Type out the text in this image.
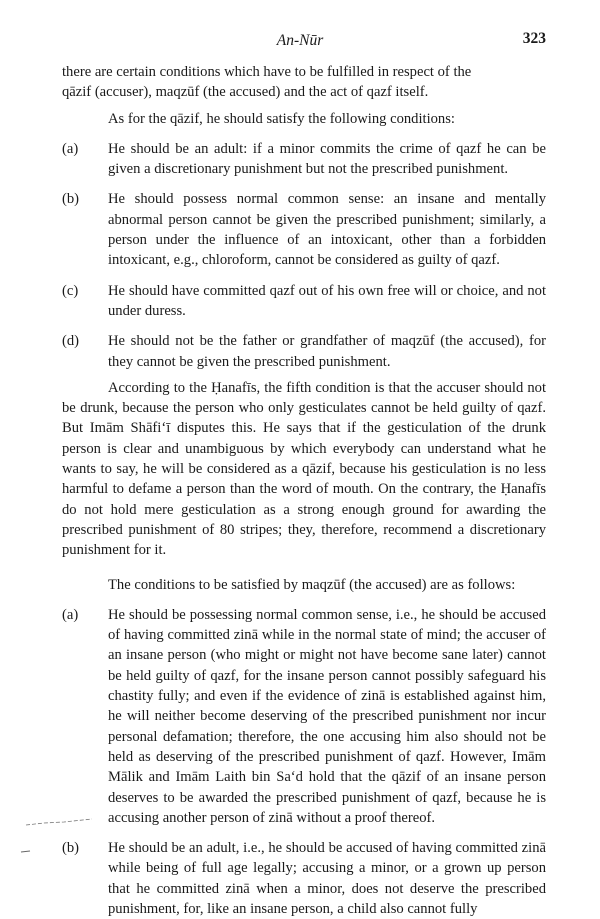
An-Nūr	323

there are certain conditions which have to be fulfilled in respect of the
qāzif (accuser), maqzūf (the accused) and the act of qazf itself.

As for the qāzif, he should satisfy the following conditions:

(a)	He should be an adult: if a minor commits the crime of qazf he can be given a discretionary punishment but not the prescribed punishment.
(b)	He should possess normal common sense: an insane and mentally abnormal person cannot be given the prescribed punishment; similarly, a person under the influence of an intoxicant, other than a forbidden intoxicant, e.g., chloroform, cannot be considered as guilty of qazf.
(c)	He should have committed qazf out of his own free will or choice, and not under duress.
(d)	He should not be the father or grandfather of maqzūf (the accused), for they cannot be given the prescribed punishment.

According to the Ḥanafīs, the fifth condition is that the accuser should not be drunk, because the person who only gesticulates cannot be held guilty of qazf. But Imām Shāfi‘ī disputes this. He says that if the gesticulation of the drunk person is clear and unambiguous by which everybody can understand what he wants to say, he will be considered as a qāzif, because his gesticulation is no less harmful to defame a person than the word of mouth. On the contrary, the Ḥanafīs do not hold mere gesticulation as a strong enough ground for awarding the prescribed punishment of 80 stripes; they, therefore, recommend a discretionary punishment for it.

The conditions to be satisfied by maqzūf (the accused) are as follows:

(a)	He should be possessing normal common sense, i.e., he should be accused of having committed zinā while in the normal state of mind; the accuser of an insane person (who might or might not have become sane later) cannot be held guilty of qazf, for the insane person cannot possibly safeguard his chastity fully; and even if the evidence of zinā is established against him, he will neither become deserving of the prescribed punishment nor incur personal defamation; therefore, the one accusing him also should not be held as deserving of the prescribed punishment of qazf. However, Imām Mālik and Imām Laith bin Sa‘d hold that the qāzif of an insane person deserves to be awarded the prescribed punishment of qazf, because he is accusing another person of zinā without a proof thereof.
(b)	He should be an adult, i.e., he should be accused of having committed zinā while being of full age legally; accusing a minor, or a grown up person that he committed zinā when a minor, does not deserve the prescribed punishment, for, like an insane person, a child also cannot fully
